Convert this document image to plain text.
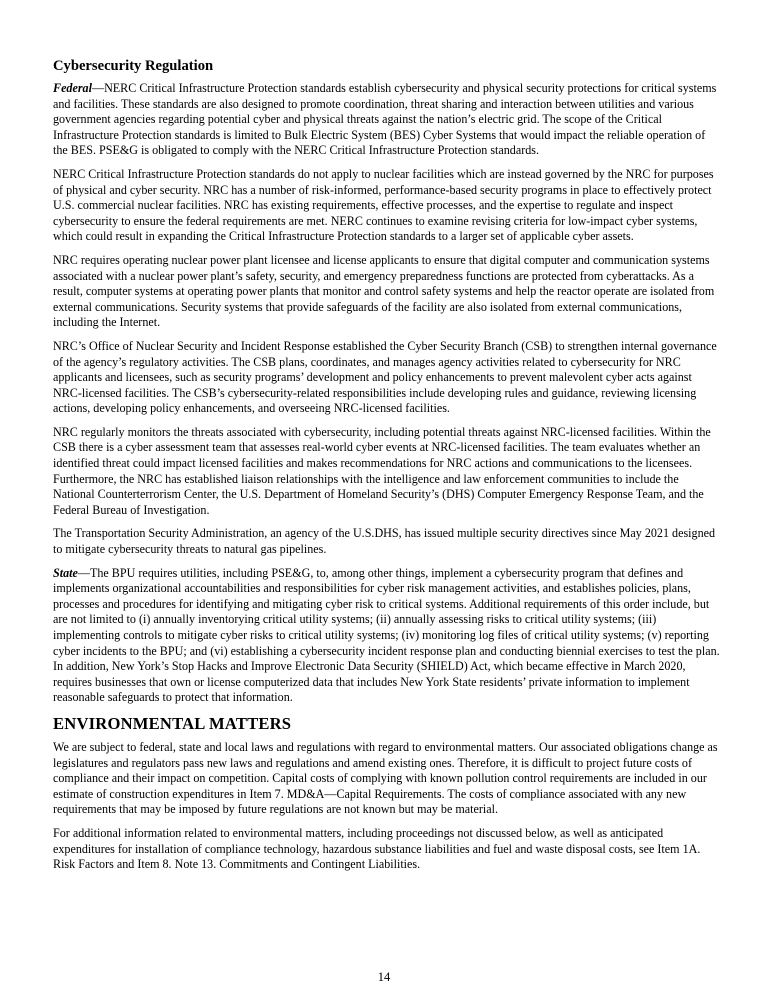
Cybersecurity Regulation

Federal—NERC Critical Infrastructure Protection standards establish cybersecurity and physical security protections for critical systems and facilities. These standards are also designed to promote coordination, threat sharing and interaction between utilities and various government agencies regarding potential cyber and physical threats against the nation’s electric grid. The scope of the Critical Infrastructure Protection standards is limited to Bulk Electric System (BES) Cyber Systems that would impact the reliable operation of the BES. PSE&G is obligated to comply with the NERC Critical Infrastructure Protection standards.

NERC Critical Infrastructure Protection standards do not apply to nuclear facilities which are instead governed by the NRC for purposes of physical and cyber security. NRC has a number of risk-informed, performance-based security programs in place to effectively protect U.S. commercial nuclear facilities. NRC has existing requirements, effective processes, and the expertise to regulate and inspect cybersecurity to ensure the federal requirements are met. NERC continues to examine revising criteria for low-impact cyber systems, which could result in expanding the Critical Infrastructure Protection standards to a larger set of applicable cyber assets.

NRC requires operating nuclear power plant licensee and license applicants to ensure that digital computer and communication systems associated with a nuclear power plant’s safety, security, and emergency preparedness functions are protected from cyberattacks. As a result, computer systems at operating power plants that monitor and control safety systems and help the reactor operate are isolated from external communications. Security systems that provide safeguards of the facility are also isolated from external communications, including the Internet.

NRC’s Office of Nuclear Security and Incident Response established the Cyber Security Branch (CSB) to strengthen internal governance of the agency’s regulatory activities. The CSB plans, coordinates, and manages agency activities related to cybersecurity for NRC applicants and licensees, such as security programs’ development and policy enhancements to prevent malevolent cyber acts against NRC-licensed facilities. The CSB’s cybersecurity-related responsibilities include developing rules and guidance, reviewing licensing actions, developing policy enhancements, and overseeing NRC-licensed facilities.

NRC regularly monitors the threats associated with cybersecurity, including potential threats against NRC-licensed facilities. Within the CSB there is a cyber assessment team that assesses real-world cyber events at NRC-licensed facilities. The team evaluates whether an identified threat could impact licensed facilities and makes recommendations for NRC actions and communications to the licensees. Furthermore, the NRC has established liaison relationships with the intelligence and law enforcement communities to include the National Counterterrorism Center, the U.S. Department of Homeland Security’s (DHS) Computer Emergency Response Team, and the Federal Bureau of Investigation.

The Transportation Security Administration, an agency of the U.S.DHS, has issued multiple security directives since May 2021 designed to mitigate cybersecurity threats to natural gas pipelines.

State—The BPU requires utilities, including PSE&G, to, among other things, implement a cybersecurity program that defines and implements organizational accountabilities and responsibilities for cyber risk management activities, and establishes policies, plans, processes and procedures for identifying and mitigating cyber risk to critical systems. Additional requirements of this order include, but are not limited to (i) annually inventorying critical utility systems; (ii) annually assessing risks to critical utility systems; (iii) implementing controls to mitigate cyber risks to critical utility systems; (iv) monitoring log files of critical utility systems; (v) reporting cyber incidents to the BPU; and (vi) establishing a cybersecurity incident response plan and conducting biennial exercises to test the plan. In addition, New York’s Stop Hacks and Improve Electronic Data Security (SHIELD) Act, which became effective in March 2020, requires businesses that own or license computerized data that includes New York State residents’ private information to implement reasonable safeguards to protect that information.

ENVIRONMENTAL MATTERS

We are subject to federal, state and local laws and regulations with regard to environmental matters. Our associated obligations change as legislatures and regulators pass new laws and regulations and amend existing ones. Therefore, it is difficult to project future costs of compliance and their impact on competition. Capital costs of complying with known pollution control requirements are included in our estimate of construction expenditures in Item 7. MD&A—Capital Requirements. The costs of compliance associated with any new requirements that may be imposed by future regulations are not known but may be material.

For additional information related to environmental matters, including proceedings not discussed below, as well as anticipated expenditures for installation of compliance technology, hazardous substance liabilities and fuel and waste disposal costs, see Item 1A. Risk Factors and Item 8. Note 13. Commitments and Contingent Liabilities.

14
